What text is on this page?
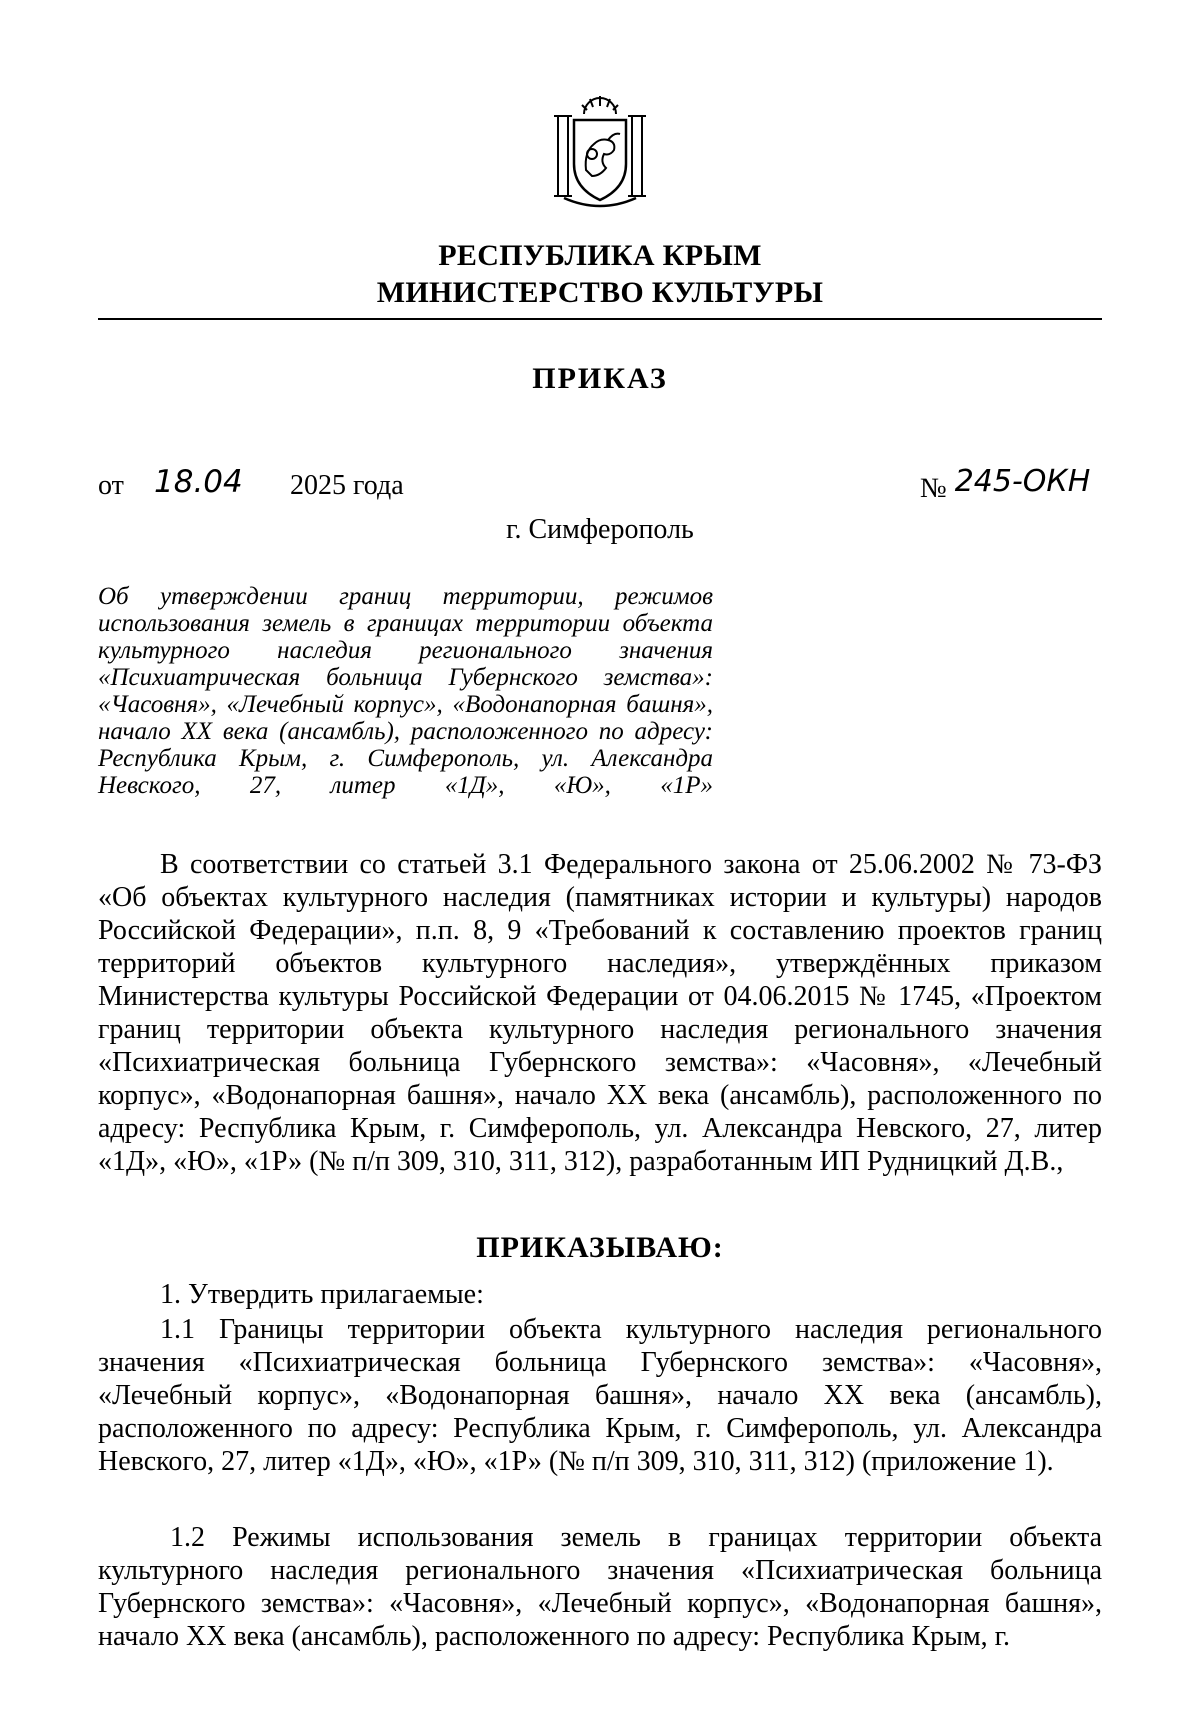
РЕСПУБЛИКА КРЫМ
МИНИСТЕРСТВО КУЛЬТУРЫ
ПРИКАЗ
от 18.04 2025 года	№ 245-ОКН
г. Симферополь
Об утверждении границ территории, режимов использования земель в границах территории объекта культурного наследия регионального значения «Психиатрическая больница Губернского земства»: «Часовня», «Лечебный корпус», «Водонапорная башня», начало XX века (ансамбль), расположенного по адресу: Республика Крым, г. Симферополь, ул. Александра Невского, 27, литер «1Д», «Ю», «1Р»
В соответствии со статьей 3.1 Федерального закона от 25.06.2002 № 73-ФЗ «Об объектах культурного наследия (памятниках истории и культуры) народов Российской Федерации», п.п. 8, 9 «Требований к составлению проектов границ территорий объектов культурного наследия», утверждённых приказом Министерства культуры Российской Федерации от 04.06.2015 № 1745, «Проектом границ территории объекта культурного наследия регионального значения «Психиатрическая больница Губернского земства»: «Часовня», «Лечебный корпус», «Водонапорная башня», начало XX века (ансамбль), расположенного по адресу: Республика Крым, г. Симферополь, ул. Александра Невского, 27, литер «1Д», «Ю», «1Р» (№ п/п 309, 310, 311, 312), разработанным ИП Рудницкий Д.В.,
ПРИКАЗЫВАЮ:
1. Утвердить прилагаемые:
1.1 Границы территории объекта культурного наследия регионального значения «Психиатрическая больница Губернского земства»: «Часовня», «Лечебный корпус», «Водонапорная башня», начало XX века (ансамбль), расположенного по адресу: Республика Крым, г. Симферополь, ул. Александра Невского, 27, литер «1Д», «Ю», «1Р» (№ п/п 309, 310, 311, 312) (приложение 1).
1.2 Режимы использования земель в границах территории объекта культурного наследия регионального значения «Психиатрическая больница Губернского земства»: «Часовня», «Лечебный корпус», «Водонапорная башня», начало XX века (ансамбль), расположенного по адресу: Республика Крым, г.
